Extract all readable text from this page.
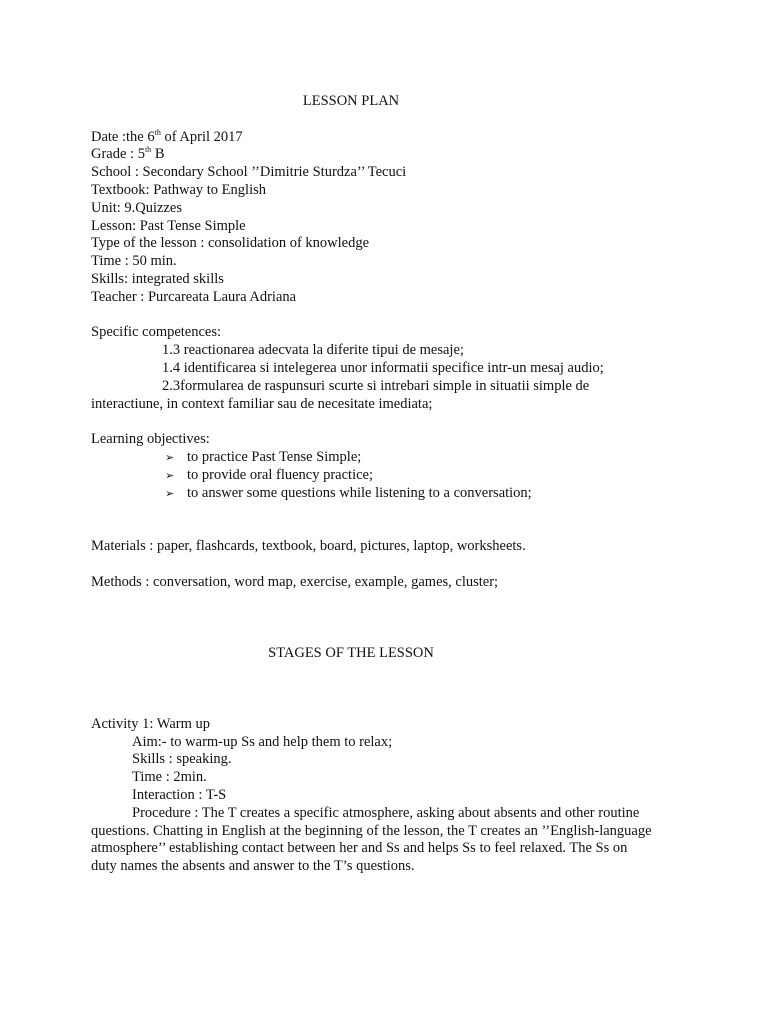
LESSON PLAN
Date :the 6th of April 2017
Grade : 5th B
School : Secondary School ’’Dimitrie Sturdza’’ Tecuci
Textbook: Pathway to English
Unit: 9.Quizzes
Lesson: Past Tense Simple
Type of the lesson : consolidation of knowledge
Time : 50 min.
Skills: integrated skills
Teacher : Purcareata Laura Adriana
Specific competences:
1.3 reactionarea adecvata la diferite tipui de mesaje;
1.4 identificarea si intelegerea unor informatii specifice intr-un mesaj audio;
2.3formularea de raspunsuri scurte si intrebari simple in situatii simple de
interactiune, in context familiar sau de necesitate imediata;
Learning objectives:
➢ to practice Past Tense Simple;
➢ to provide oral fluency practice;
➢ to answer some questions while listening to a conversation;
Materials : paper, flashcards, textbook, board, pictures, laptop, worksheets.
Methods : conversation, word map, exercise, example, games, cluster;
STAGES OF THE LESSON
Activity 1: Warm up
Aim:- to warm-up Ss and help them to relax;
Skills : speaking.
Time : 2min.
Interaction : T-S
Procedure : The T creates a specific atmosphere, asking about absents and other routine
questions. Chatting in English at the beginning of the lesson, the T creates an ’’English-language
atmosphere’’ establishing contact between her and Ss and helps Ss to feel relaxed. The Ss on
duty names the absents and answer to the T’s questions.
